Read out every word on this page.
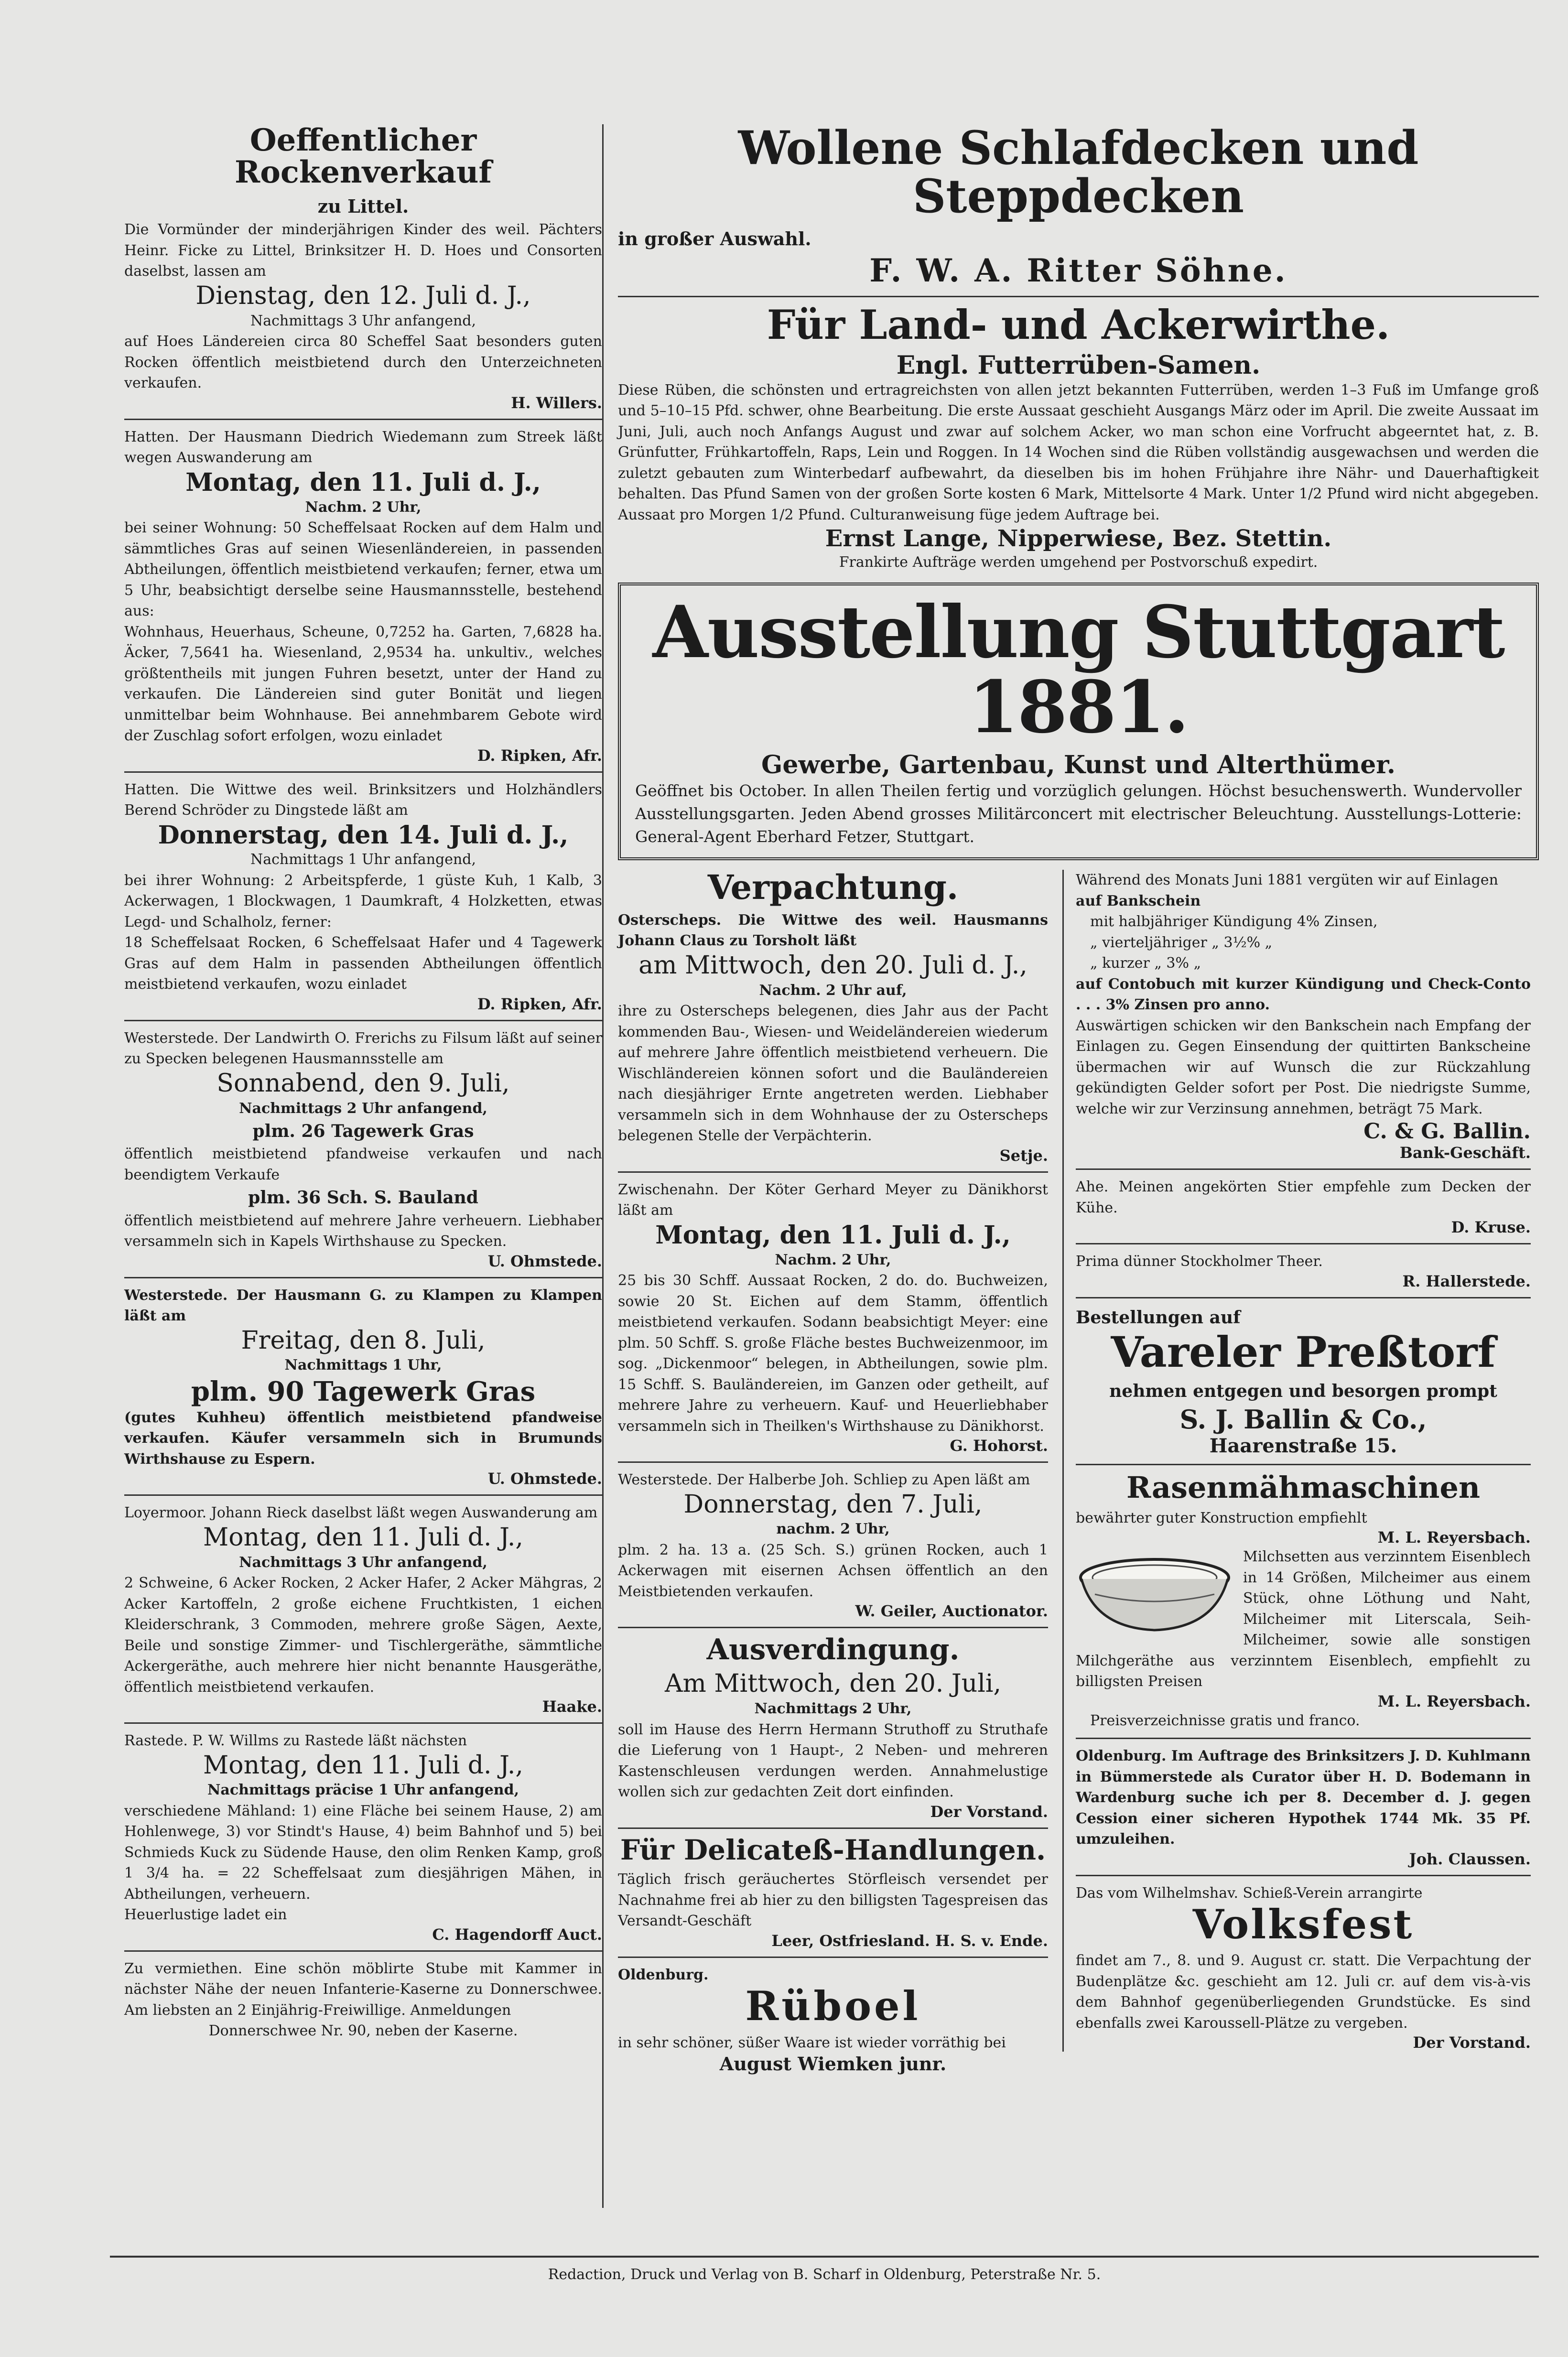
Oeffentlicher Rockenverkauf
zu Littel.
Die Vormünder der minderjährigen Kinder des weil. Pächters Heinr. Ficke zu Littel, Brinksitzer H. D. Hoes und Consorten daselbst, lassen am
Dienstag, den 12. Juli d. J.,
Nachmittags 3 Uhr anfangend,
auf Hoes Ländereien circa 80 Scheffel Saat besonders guten Rocken öffentlich meistbietend durch den Unterzeichneten verkaufen.
H. Willers.
Hatten. Der Hausmann Diedrich Wiedemann zum Streek läßt wegen Auswanderung am
Montag, den 11. Juli d. J.,
Nachm. 2 Uhr,
bei seiner Wohnung: 50 Scheffelsaat Rocken auf dem Halm und sämmtliches Gras auf seinen Wiesenländereien, in passenden Abtheilungen, öffentlich meistbietend verkaufen; ferner, etwa um 5 Uhr, beabsichtigt derselbe seine Hausmannsstelle, bestehend aus:
Wohnhaus, Heuerhaus, Scheune, 0,7252 ha. Garten, 7,6828 ha. Äcker, 7,5641 ha. Wiesenland, 2,9534 ha. unkultiv., welches größtentheils mit jungen Fuhren besetzt, unter der Hand zu verkaufen. Die Ländereien sind guter Bonität und liegen unmittelbar beim Wohnhause. Bei annehmbarem Gebote wird der Zuschlag sofort erfolgen, wozu einladet
D. Ripken, Afr.
Hatten. Die Wittwe des weil. Brinksitzers und Holzhändlers Berend Schröder zu Dingstede läßt am
Donnerstag, den 14. Juli d. J.,
Nachmittags 1 Uhr anfangend,
bei ihrer Wohnung: 2 Arbeitspferde, 1 güste Kuh, 1 Kalb, 3 Ackerwagen, 1 Blockwagen, 1 Daumkraft, 4 Holzketten, etwas Legd- und Schalholz, ferner:
18 Scheffelsaat Rocken, 6 Scheffelsaat Hafer und 4 Tagewerk Gras auf dem Halm in passenden Abtheilungen öffentlich meistbietend verkaufen, wozu einladet
D. Ripken, Afr.
Westerstede. Der Landwirth O. Frerichs zu Filsum läßt auf seiner zu Specken belegenen Hausmannsstelle am
Sonnabend, den 9. Juli,
Nachmittags 2 Uhr anfangend,
plm. 26 Tagewerk Gras
öffentlich meistbietend pfandweise verkaufen und nach beendigtem Verkaufe
plm. 36 Sch. S. Bauland
öffentlich meistbietend auf mehrere Jahre verheuern. Liebhaber versammeln sich in Kapels Wirthshause zu Specken.
U. Ohmstede.
Westerstede. Der Hausmann G. zu Klampen zu Klampen läßt am
Freitag, den 8. Juli,
Nachmittags 1 Uhr,
plm. 90 Tagewerk Gras
(gutes Kuhheu) öffentlich meistbietend pfandweise verkaufen. Käufer versammeln sich in Brumunds Wirthshause zu Espern.
U. Ohmstede.
Loyermoor. Johann Rieck daselbst läßt wegen Auswanderung am
Montag, den 11. Juli d. J.,
Nachmittags 3 Uhr anfangend,
2 Schweine, 6 Acker Rocken, 2 Acker Hafer, 2 Acker Mähgras, 2 Acker Kartoffeln, 2 große eichene Fruchtkisten, 1 eichen Kleiderschrank, 3 Commoden, mehrere große Sägen, Aexte, Beile und sonstige Zimmer- und Tischlergeräthe, sämmtliche Ackergeräthe, auch mehrere hier nicht benannte Hausgeräthe, öffentlich meistbietend verkaufen.
Haake.
Rastede. P. W. Willms zu Rastede läßt nächsten
Montag, den 11. Juli d. J.,
Nachmittags präcise 1 Uhr anfangend,
verschiedene Mähland: 1) eine Fläche bei seinem Hause, 2) am Hohlenwege, 3) vor Stindt's Hause, 4) beim Bahnhof und 5) bei Schmieds Kuck zu Südende Hause, den olim Renken Kamp, groß 1 3/4 ha. = 22 Scheffelsaat zum diesjährigen Mähen, in Abtheilungen, verheuern.
Heuerlustige ladet ein
C. Hagendorff Auct.
Zu vermiethen. Eine schön möblirte Stube mit Kammer in nächster Nähe der neuen Infanterie-Kaserne zu Donnerschwee. Am liebsten an 2 Einjährig-Freiwillige. Anmeldungen
Donnerschwee Nr. 90, neben der Kaserne.
Wollene Schlafdecken und Steppdecken
in großer Auswahl.
F. W. A. Ritter Söhne.
Für Land- und Ackerwirthe.
Engl. Futterrüben-Samen.
Diese Rüben, die schönsten und ertragreichsten von allen jetzt bekannten Futterrüben, werden 1–3 Fuß im Umfange groß und 5–10–15 Pfd. schwer, ohne Bearbeitung. Die erste Aussaat geschieht Ausgangs März oder im April. Die zweite Aussaat im Juni, Juli, auch noch Anfangs August und zwar auf solchem Acker, wo man schon eine Vorfrucht abgeerntet hat, z. B. Grünfutter, Frühkartoffeln, Raps, Lein und Roggen. In 14 Wochen sind die Rüben vollständig ausgewachsen und werden die zuletzt gebauten zum Winterbedarf aufbewahrt, da dieselben bis im hohen Frühjahre ihre Nähr- und Dauerhaftigkeit behalten. Das Pfund Samen von der großen Sorte kosten 6 Mark, Mittelsorte 4 Mark. Unter 1/2 Pfund wird nicht abgegeben. Aussaat pro Morgen 1/2 Pfund. Culturanweisung füge jedem Auftrage bei.
Ernst Lange, Nipperwiese, Bez. Stettin.
Frankirte Aufträge werden umgehend per Postvorschuß expedirt.
Ausstellung Stuttgart 1881.
Gewerbe, Gartenbau, Kunst und Alterthümer.
Geöffnet bis October. In allen Theilen fertig und vorzüglich gelungen. Höchst besuchenswerth. Wundervoller Ausstellungsgarten. Jeden Abend grosses Militärconcert mit electrischer Beleuchtung. Ausstellungs-Lotterie: General-Agent Eberhard Fetzer, Stuttgart.
Verpachtung.
Osterscheps. Die Wittwe des weil. Hausmanns Johann Claus zu Torsholt läßt
am Mittwoch, den 20. Juli d. J.,
Nachm. 2 Uhr auf,
ihre zu Osterscheps belegenen, dies Jahr aus der Pacht kommenden Bau-, Wiesen- und Weideländereien wiederum auf mehrere Jahre öffentlich meistbietend verheuern. Die Wischländereien können sofort und die Bauländereien nach diesjähriger Ernte angetreten werden. Liebhaber versammeln sich in dem Wohnhause der zu Osterscheps belegenen Stelle der Verpächterin.
Setje.
Zwischenahn. Der Köter Gerhard Meyer zu Dänikhorst läßt am
Montag, den 11. Juli d. J.,
Nachm. 2 Uhr,
25 bis 30 Schff. Aussaat Rocken, 2 do. do. Buchweizen, sowie 20 St. Eichen auf dem Stamm, öffentlich meistbietend verkaufen. Sodann beabsichtigt Meyer: eine plm. 50 Schff. S. große Fläche bestes Buchweizenmoor, im sog. „Dickenmoor“ belegen, in Abtheilungen, sowie plm. 15 Schff. S. Bauländereien, im Ganzen oder getheilt, auf mehrere Jahre zu verheuern. Kauf- und Heuerliebhaber versammeln sich in Theilken's Wirthshause zu Dänikhorst.
G. Hohorst.
Westerstede. Der Halberbe Joh. Schliep zu Apen läßt am
Donnerstag, den 7. Juli,
nachm. 2 Uhr,
plm. 2 ha. 13 a. (25 Sch. S.) grünen Rocken, auch 1 Ackerwagen mit eisernen Achsen öffentlich an den Meistbietenden verkaufen.
W. Geiler, Auctionator.
Ausverdingung.
Am Mittwoch, den 20. Juli,
Nachmittags 2 Uhr,
soll im Hause des Herrn Hermann Struthoff zu Struthafe die Lieferung von 1 Haupt-, 2 Neben- und mehreren Kastenschleusen verdungen werden. Annahmelustige wollen sich zur gedachten Zeit dort einfinden.
Der Vorstand.
Für Delicateß-Handlungen.
Täglich frisch geräuchertes Störfleisch versendet per Nachnahme frei ab hier zu den billigsten Tagespreisen das Versandt-Geschäft
Leer, Ostfriesland. H. S. v. Ende.
Oldenburg.
Rüboel
in sehr schöner, süßer Waare ist wieder vorräthig bei
August Wiemken junr.
Während des Monats Juni 1881 vergüten wir auf Einlagen
auf Bankschein
mit halbjähriger Kündigung 4% Zinsen,
„ vierteljähriger „ 3½% „
„ kurzer „ 3% „
auf Contobuch mit kurzer Kündigung und Check-Conto . . . 3% Zinsen pro anno.
Auswärtigen schicken wir den Bankschein nach Empfang der Einlagen zu. Gegen Einsendung der quittirten Bankscheine übermachen wir auf Wunsch die zur Rückzahlung gekündigten Gelder sofort per Post. Die niedrigste Summe, welche wir zur Verzinsung annehmen, beträgt 75 Mark.
C. & G. Ballin.
Bank-Geschäft.
Ahe. Meinen angekörten Stier empfehle zum Decken der Kühe.
D. Kruse.
Prima dünner Stockholmer Theer.
R. Hallerstede.
Bestellungen auf
Vareler Preßtorf
nehmen entgegen und besorgen prompt
S. J. Ballin & Co.,
Haarenstraße 15.
Rasenmähmaschinen
bewährter guter Konstruction empfiehlt
M. L. Reyersbach.
Milchsetten aus verzinntem Eisenblech in 14 Größen, Milcheimer aus einem Stück, ohne Löthung und Naht, Milcheimer mit Literscala, Seih-Milcheimer, sowie alle sonstigen Milchgeräthe aus verzinntem Eisenblech, empfiehlt zu billigsten Preisen
M. L. Reyersbach.
Preisverzeichnisse gratis und franco.
Oldenburg. Im Auftrage des Brinksitzers J. D. Kuhlmann in Bümmerstede als Curator über H. D. Bodemann in Wardenburg suche ich per 8. December d. J. gegen Cession einer sicheren Hypothek 1744 Mk. 35 Pf. umzuleihen.
Joh. Claussen.
Das vom Wilhelmshav. Schieß-Verein arrangirte
Volksfest
findet am 7., 8. und 9. August cr. statt. Die Verpachtung der Budenplätze &c. geschieht am 12. Juli cr. auf dem vis-à-vis dem Bahnhof gegenüberliegenden Grundstücke. Es sind ebenfalls zwei Karoussell-Plätze zu vergeben.
Der Vorstand.
Redaction, Druck und Verlag von B. Scharf in Oldenburg, Peterstraße Nr. 5.
